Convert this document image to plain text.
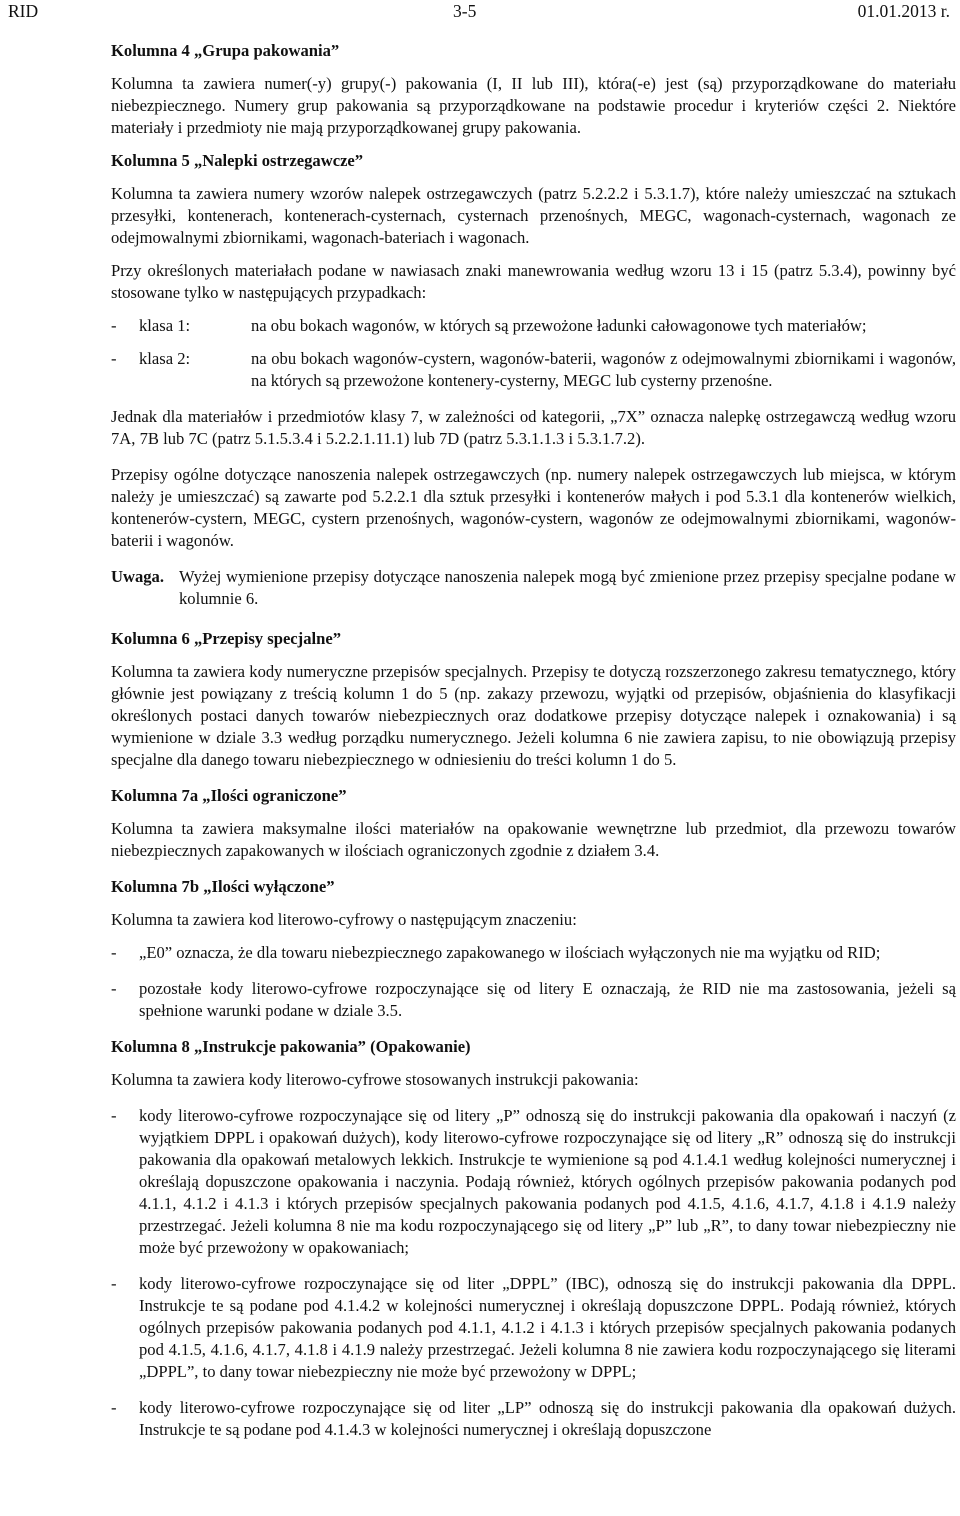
RID	3-5	01.01.2013 r.
Kolumna 4 „Grupa pakowania”

Kolumna ta zawiera numer(-y) grupy(-) pakowania (I, II lub III), która(-e) jest (są) przyporządkowane do materiału niebezpiecznego. Numery grup pakowania są przyporządkowane na podstawie procedur i kryteriów części 2. Niektóre materiały i przedmioty nie mają przyporządkowanej grupy pakowania.

Kolumna 5 „Nalepki ostrzegawcze”

Kolumna ta zawiera numery wzorów nalepek ostrzegawczych (patrz 5.2.2.2 i 5.3.1.7), które należy umieszczać na sztukach przesyłki, kontenerach, kontenerach-cysternach, cysternach przenośnych, MEGC, wagonach-cysternach, wagonach ze odejmowalnymi zbiornikami, wagonach-bateriach i wagonach.

Przy określonych materiałach podane w nawiasach znaki manewrowania według wzoru 13 i 15 (patrz 5.3.4), powinny być stosowane tylko w następujących przypadkach:

-	klasa 1:	na obu bokach wagonów, w których są przewożone ładunki całowagonowe tych materiałów;
-	klasa 2:	na obu bokach wagonów-cystern, wagonów-baterii, wagonów z odejmowalnymi zbiornikami i wagonów, na których są przewożone kontenery-cysterny, MEGC lub cysterny przenośne.

Jednak dla materiałów i przedmiotów klasy 7, w zależności od kategorii, „7X” oznacza nalepkę ostrzegawczą według wzoru 7A, 7B lub 7C (patrz 5.1.5.3.4 i 5.2.2.1.11.1) lub 7D (patrz 5.3.1.1.3 i 5.3.1.7.2).

Przepisy ogólne dotyczące nanoszenia nalepek ostrzegawczych (np. numery nalepek ostrzegawczych lub miejsca, w którym należy je umieszczać) są zawarte pod 5.2.2.1 dla sztuk przesyłki i kontenerów małych i pod 5.3.1 dla kontenerów wielkich, kontenerów-cystern, MEGC, cystern przenośnych, wagonów-cystern, wagonów ze odejmowalnymi zbiornikami, wagonów-baterii i wagonów.

Uwaga. Wyżej wymienione przepisy dotyczące nanoszenia nalepek mogą być zmienione przez przepisy specjalne podane w kolumnie 6.
Kolumna 6 „Przepisy specjalne”

Kolumna ta zawiera kody numeryczne przepisów specjalnych. Przepisy te dotyczą rozszerzonego zakresu tematycznego, który głównie jest powiązany z treścią kolumn 1 do 5 (np. zakazy przewozu, wyjątki od przepisów, objaśnienia do klasyfikacji określonych postaci danych towarów niebezpiecznych oraz dodatkowe przepisy dotyczące nalepek i oznakowania) i są wymienione w dziale 3.3 według porządku numerycznego. Jeżeli kolumna 6 nie zawiera zapisu, to nie obowiązują przepisy specjalne dla danego towaru niebezpiecznego w odniesieniu do treści kolumn 1 do 5.

Kolumna 7a „Ilości ograniczone”

Kolumna ta zawiera maksymalne ilości materiałów na opakowanie wewnętrzne lub przedmiot, dla przewozu towarów niebezpiecznych zapakowanych w ilościach ograniczonych zgodnie z działem 3.4.

Kolumna 7b „Ilości wyłączone”

Kolumna ta zawiera kod literowo-cyfrowy o następującym znaczeniu:

-	„E0” oznacza, że dla towaru niebezpiecznego zapakowanego w ilościach wyłączonych nie ma wyjątku od RID;
-	pozostałe kody literowo-cyfrowe rozpoczynające się od litery E oznaczają, że RID nie ma zastosowania, jeżeli są spełnione warunki podane w dziale 3.5.
Kolumna 8 „Instrukcje pakowania” (Opakowanie)

Kolumna ta zawiera kody literowo-cyfrowe stosowanych instrukcji pakowania:

-	kody literowo-cyfrowe rozpoczynające się od litery „P” odnoszą się do instrukcji pakowania dla opakowań i naczyń (z wyjątkiem DPPL i opakowań dużych), kody literowo-cyfrowe rozpoczynające się od litery „R” odnoszą się do instrukcji pakowania dla opakowań metalowych lekkich. Instrukcje te wymienione są pod 4.1.4.1 według kolejności numerycznej i określają dopuszczone opakowania i naczynia. Podają również, których ogólnych przepisów pakowania podanych pod 4.1.1, 4.1.2 i 4.1.3 i których przepisów specjalnych pakowania podanych pod 4.1.5, 4.1.6, 4.1.7, 4.1.8 i 4.1.9 należy przestrzegać. Jeżeli kolumna 8 nie ma kodu rozpoczynającego się od litery „P” lub „R”, to dany towar niebezpieczny nie może być przewożony w opakowaniach;
-	kody literowo-cyfrowe rozpoczynające się od liter „DPPL” (IBC), odnoszą się do instrukcji pakowania dla DPPL. Instrukcje te są podane pod 4.1.4.2 w kolejności numerycznej i określają dopuszczone DPPL. Podają również, których ogólnych przepisów pakowania podanych pod 4.1.1, 4.1.2 i 4.1.3 i których przepisów specjalnych pakowania podanych pod 4.1.5, 4.1.6, 4.1.7, 4.1.8 i 4.1.9 należy przestrzegać. Jeżeli kolumna 8 nie zawiera kodu rozpoczynającego się literami „DPPL”, to dany towar niebezpieczny nie może być przewożony w DPPL;
-	kody literowo-cyfrowe rozpoczynające się od liter „LP” odnoszą się do instrukcji pakowania dla opakowań dużych. Instrukcje te są podane pod 4.1.4.3 w kolejności numerycznej i określają dopuszczone
